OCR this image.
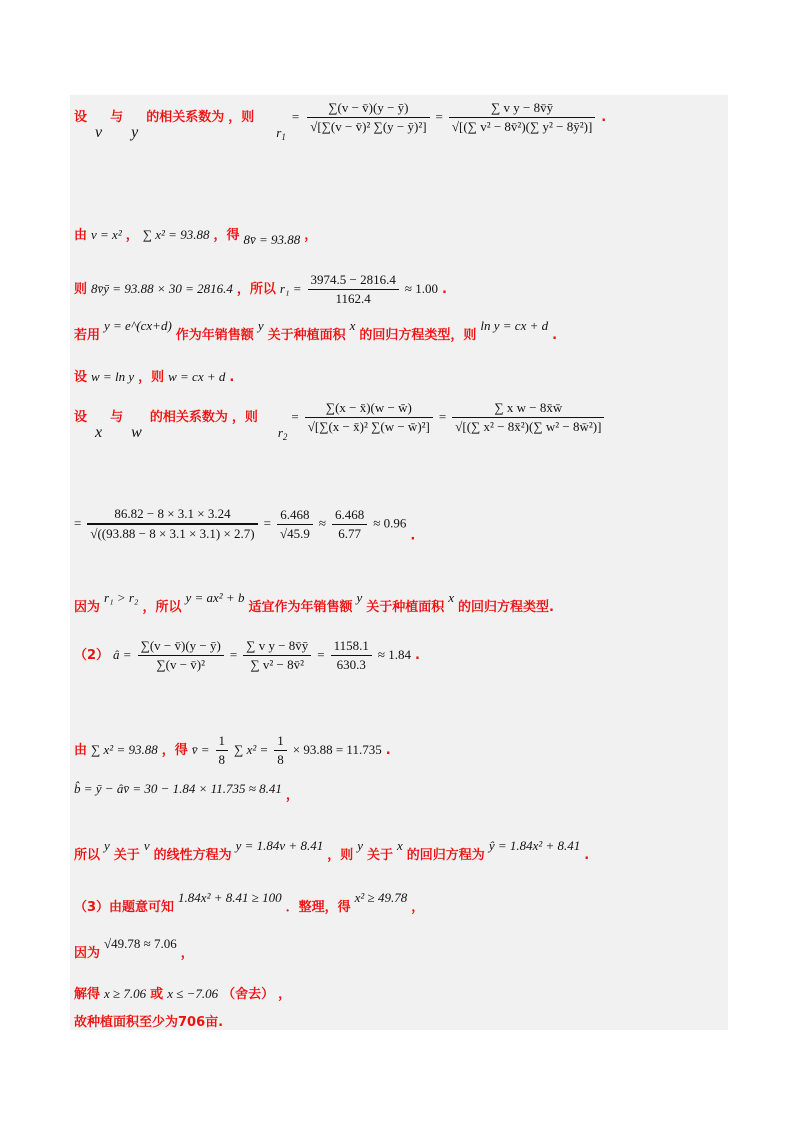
设 v 与 y 的相关系数为 ，则 $r_1 = \frac{\sum(v - v̄)(y - ȳ)}{\text{√[∑(v − v̄)² ∑(y − ȳ)²]}} = \frac{\text{∑ v y − 8v̄ȳ}}{\text{√[(∑ v² − 8v̄²)(∑ y² − 8ȳ²)]}}$ .
由 v = x² ， ∑ x² = 93.88 ，得 $_{8v̄ = 93.88}$ ，
则 8v̄ȳ = 93.88 × 30 = 2816.4 ，所以 $r_1 = \frac{3974.5 - 2816.4}{1162.4} \approx 1.00$ .
若用 y = e^(cx+d) 作为年销售额 y 关于种植面积 x 的回归方程类型，则 ln y = cx + d .
设 w = ln y ，则 w = cx + d .
设 x 与 w 的相关系数为 ，则 $r_2 = \frac{\sum(x - x̄)(w - w̄)}{\text{√[∑(x − x̄)² ∑(w − w̄)²]}} = \frac{\text{∑ x w − 8x̄w̄}}{\text{√[(∑ x² − 8x̄²)(∑ w² − 8w̄²)]}}$
= $\frac{86.82 - 8 \times 3.1 \times 3.24}{√((93.88 - 8 \times 3.1 \times 3.1) \times 2.7)} = \frac{6.468}{√45.9} \approx \frac{6.468}{6.77} \approx 0.96$ $_.$
因为 r₁ > r₂ ，所以 y = ax² + b 适宜作为年销售额 y 关于种植面积 x 的回归方程类型.
（2） â = $\frac{\sum(v - v̄)(y - ȳ)}{\text{∑(v − v̄)²}} = \frac{\text{∑ v y − 8v̄ȳ}}{\text{∑ v² − 8v̄²}} = \frac{1158.1}{630.3} \approx 1.84$ .
由 ∑ x² = 93.88 ，得 v̄ = $\frac{1}{8}$ ∑ $x^2 = \frac{1}{8} \times 93.88 = 11.735$ .
b̂ = ȳ − âv̄ = 30 − 1.84 × 11.735 ≈ 8.41 $_,$
所以 y 关于 v 的线性方程为 y = 1.84v + 8.41 ，则 y 关于 x 的回归方程为 ŷ = 1.84x² + 8.41 .
（3）由题意可知 1.84x² + 8.41 ≥ 100 ．整理，得 x² ≥ 49.78 ，
因为 √49.78 ≈ 7.06 ，
解得 x ≥ 7.06 或 x ≤ −7.06 （舍去） ，
故种植面积至少为706亩.
